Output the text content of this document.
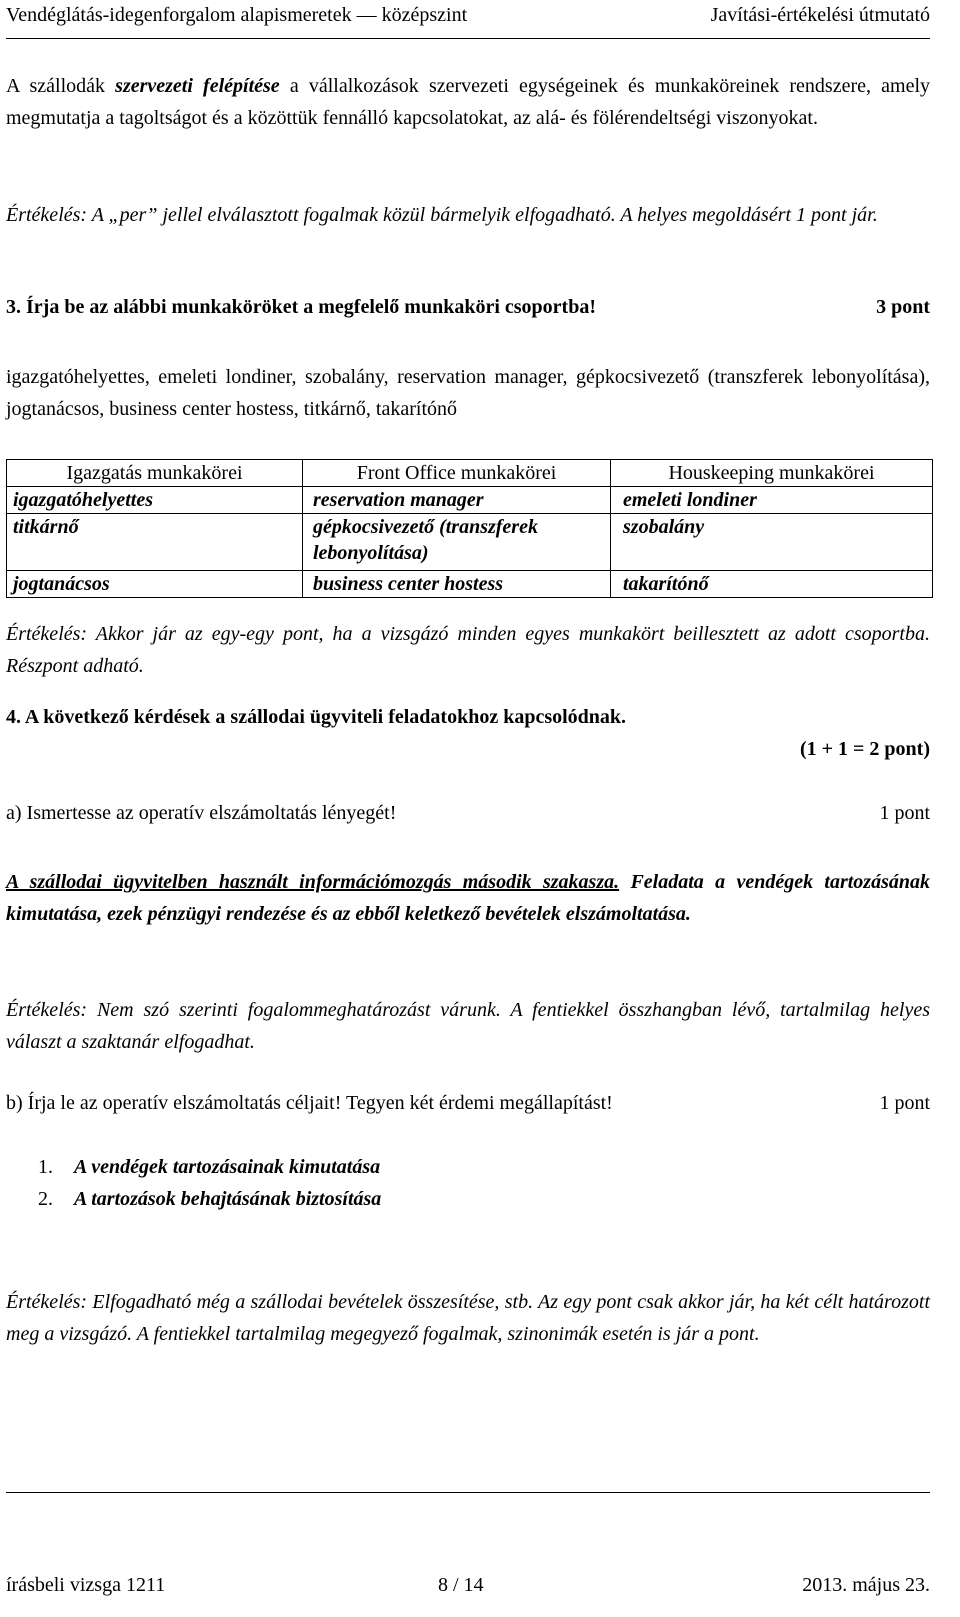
Vendéglátás-idegenforgalom alapismeretek — középszint	Javítási-értékelési útmutató
A szállodák szervezeti felépítése a vállalkozások szervezeti egységeinek és munkaköreinek rendszere, amely megmutatja a tagoltságot és a közöttük fennálló kapcsolatokat, az alá- és fölérendeltségi viszonyokat.
Értékelés: A „per” jellel elválasztott fogalmak közül bármelyik elfogadható. A helyes megoldásért 1 pont jár.
3. Írja be az alábbi munkaköröket a megfelelő munkaköri csoportba!	3 pont
igazgatóhelyettes, emeleti londiner, szobalány, reservation manager, gépkocsivezető (transzferek lebonyolítása), jogtanácsos, business center hostess, titkárnő, takarítónő
Igazgatás munkakörei	Front Office munkakörei	Houskeeping munkakörei
igazgatóhelyettes	reservation manager	emeleti londiner
titkárnő	gépkocsivezető (transzferek lebonyolítása)	szobalány
jogtanácsos	business center hostess	takarítónő
Értékelés: Akkor jár az egy-egy pont, ha a vizsgázó minden egyes munkakört beillesztett az adott csoportba. Részpont adható.
4. A következő kérdések a szállodai ügyviteli feladatokhoz kapcsolódnak.
(1 + 1 = 2 pont)
a) Ismertesse az operatív elszámoltatás lényegét!	1 pont
A szállodai ügyvitelben használt információmozgás második szakasza. Feladata a vendégek tartozásának kimutatása, ezek pénzügyi rendezése és az ebből keletkező bevételek elszámoltatása.
Értékelés: Nem szó szerinti fogalommeghatározást várunk. A fentiekkel összhangban lévő, tartalmilag helyes választ a szaktanár elfogadhat.
b) Írja le az operatív elszámoltatás céljait! Tegyen két érdemi megállapítást!	1 pont
1. A vendégek tartozásainak kimutatása
2. A tartozások behajtásának biztosítása
Értékelés: Elfogadható még a szállodai bevételek összesítése, stb. Az egy pont csak akkor jár, ha két célt határozott meg a vizsgázó. A fentiekkel tartalmilag megegyező fogalmak, szinonimák esetén is jár a pont.
írásbeli vizsga 1211	8 / 14	2013. május 23.
